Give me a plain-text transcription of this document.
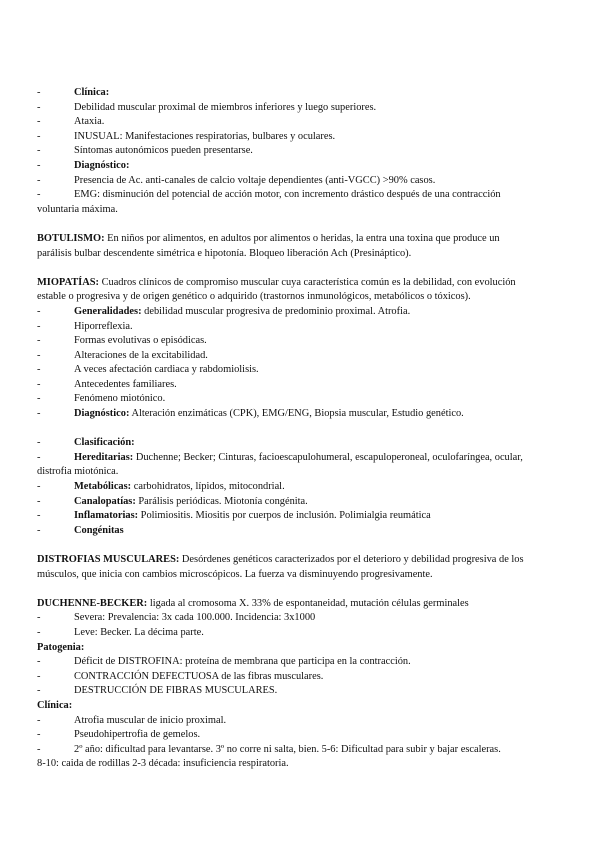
-	Clínica:
-	Debilidad muscular proximal de miembros inferiores y luego superiores.
-	Ataxia.
-	INUSUAL: Manifestaciones respiratorias, bulbares y oculares.
-	Síntomas autonómicos pueden presentarse.
-	Diagnóstico:
-	Presencia de Ac. anti-canales de calcio voltaje dependientes (anti-VGCC) >90% casos.
-	EMG: disminución del potencial de acción motor, con incremento drástico después de una contracción
voluntaria máxima.
BOTULISMO: En niños por alimentos, en adultos por alimentos o heridas, la entra una toxina que produce un
parálisis bulbar descendente simétrica e hipotonía. Bloqueo liberación Ach (Presináptico).
MIOPATÍAS: Cuadros clínicos de compromiso muscular cuya característica común es la debilidad, con evolución
estable o progresiva y de origen genético o adquirido (trastornos inmunológicos, metabólicos o tóxicos).
-	Generalidades: debilidad muscular progresiva de predominio proximal. Atrofia.
-	Hiporreflexia.
-	Formas evolutivas o episódicas.
-	Alteraciones de la excitabilidad.
-	A veces afectación cardiaca y rabdomiolisis.
-	Antecedentes familiares.
-	Fenómeno miotónico.
-	Diagnóstico: Alteración enzimáticas (CPK), EMG/ENG, Biopsia muscular, Estudio genético.
-	Clasificación:
-	Hereditarias: Duchenne; Becker; Cinturas, facioescapulohumeral, escapuloperoneal, oculofaríngea, ocular,
distrofia miotónica.
-	Metabólicas: carbohidratos, lípidos, mitocondrial.
-	Canalopatías: Parálisis periódicas. Miotonía congénita.
-	Inflamatorias: Polimiositis. Miositis por cuerpos de inclusión. Polimialgia reumática
-	Congénitas
DISTROFIAS MUSCULARES: Desórdenes genéticos caracterizados por el deterioro y debilidad progresiva de los
músculos, que inicia con cambios microscópicos. La fuerza va disminuyendo progresivamente.
DUCHENNE-BECKER: ligada al cromosoma X. 33% de espontaneidad, mutación células germinales
-	Severa: Prevalencia: 3x cada 100.000. Incidencia: 3x1000
-	Leve: Becker. La décima parte.
Patogenia:
-	Déficit de DISTROFINA: proteína de membrana que participa en la contracción.
-	CONTRACCIÓN DEFECTUOSA de las fibras musculares.
-	DESTRUCCIÓN DE FIBRAS MUSCULARES.
Clínica:
-	Atrofia muscular de inicio proximal.
-	Pseudohipertrofia de gemelos.
-	2º año: dificultad para levantarse. 3º no corre ni salta, bien. 5-6: Dificultad para subir y bajar escaleras.
8-10: caida de rodillas 2-3 década: insuficiencia respiratoria.
